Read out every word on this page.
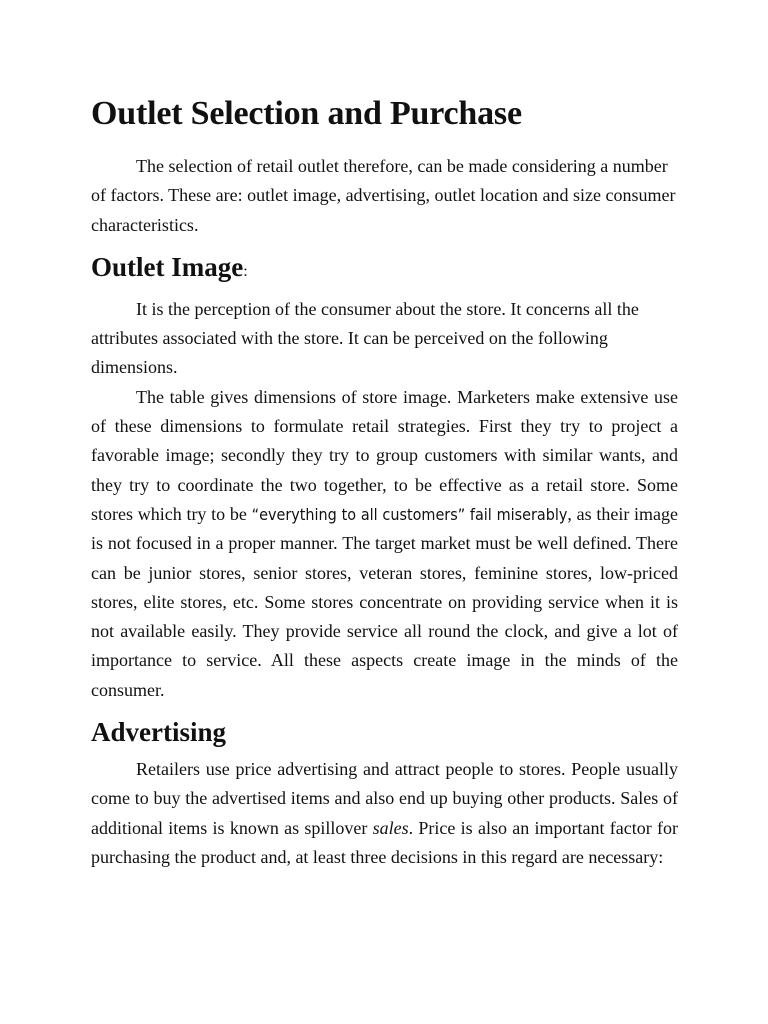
Outlet Selection and Purchase

The selection of retail outlet therefore, can be made considering a number of factors. These are: outlet image, advertising, outlet location and size consumer characteristics.

Outlet Image:

It is the perception of the consumer about the store. It concerns all the attributes associated with the store. It can be perceived on the following dimensions.

The table gives dimensions of store image. Marketers make extensive use of these dimensions to formulate retail strategies. First they try to project a favorable image; secondly they try to group customers with similar wants, and they try to coordinate the two together, to be effective as a retail store. Some stores which try to be “everything to all customers” fail miserably, as their image is not focused in a proper manner. The target market must be well defined. There can be junior stores, senior stores, veteran stores, feminine stores, low-priced stores, elite stores, etc. Some stores concentrate on providing service when it is not available easily. They provide service all round the clock, and give a lot of importance to service. All these aspects create image in the minds of the consumer.

Advertising

Retailers use price advertising and attract people to stores. People usually come to buy the advertised items and also end up buying other products. Sales of additional items is known as spillover sales. Price is also an important factor for purchasing the product and, at least three decisions in this regard are necessary:
